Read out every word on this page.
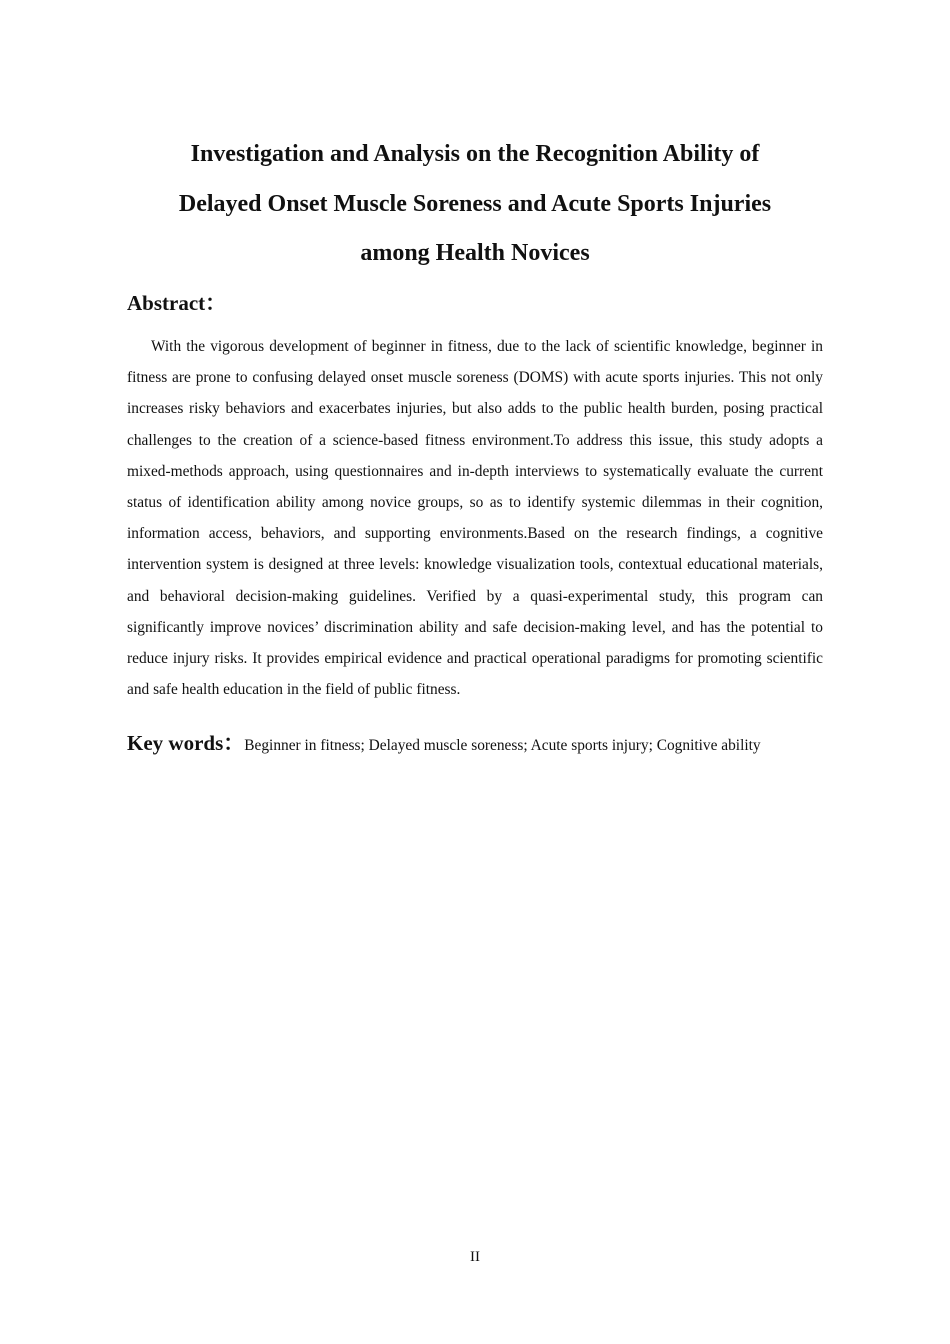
Investigation and Analysis on the Recognition Ability of
Delayed Onset Muscle Soreness and Acute Sports Injuries
among Health Novices
Abstract：

With the vigorous development of beginner in fitness, due to the lack of scientific knowledge, beginner in fitness are prone to confusing delayed onset muscle soreness (DOMS) with acute sports injuries. This not only increases risky behaviors and exacerbates injuries, but also adds to the public health burden, posing practical challenges to the creation of a science-based fitness environment.To address this issue, this study adopts a mixed-methods approach, using questionnaires and in-depth interviews to systematically evaluate the current status of identification ability among novice groups, so as to identify systemic dilemmas in their cognition, information access, behaviors, and supporting environments.Based on the research findings, a cognitive intervention system is designed at three levels: knowledge visualization tools, contextual educational materials, and behavioral decision-making guidelines. Verified by a quasi-experimental study, this program can significantly improve novices’ discrimination ability and safe decision-making level, and has the potential to reduce injury risks. It provides empirical evidence and practical operational paradigms for promoting scientific and safe health education in the field of public fitness.

Key words：Beginner in fitness; Delayed muscle soreness; Acute sports injury; Cognitive ability

II
